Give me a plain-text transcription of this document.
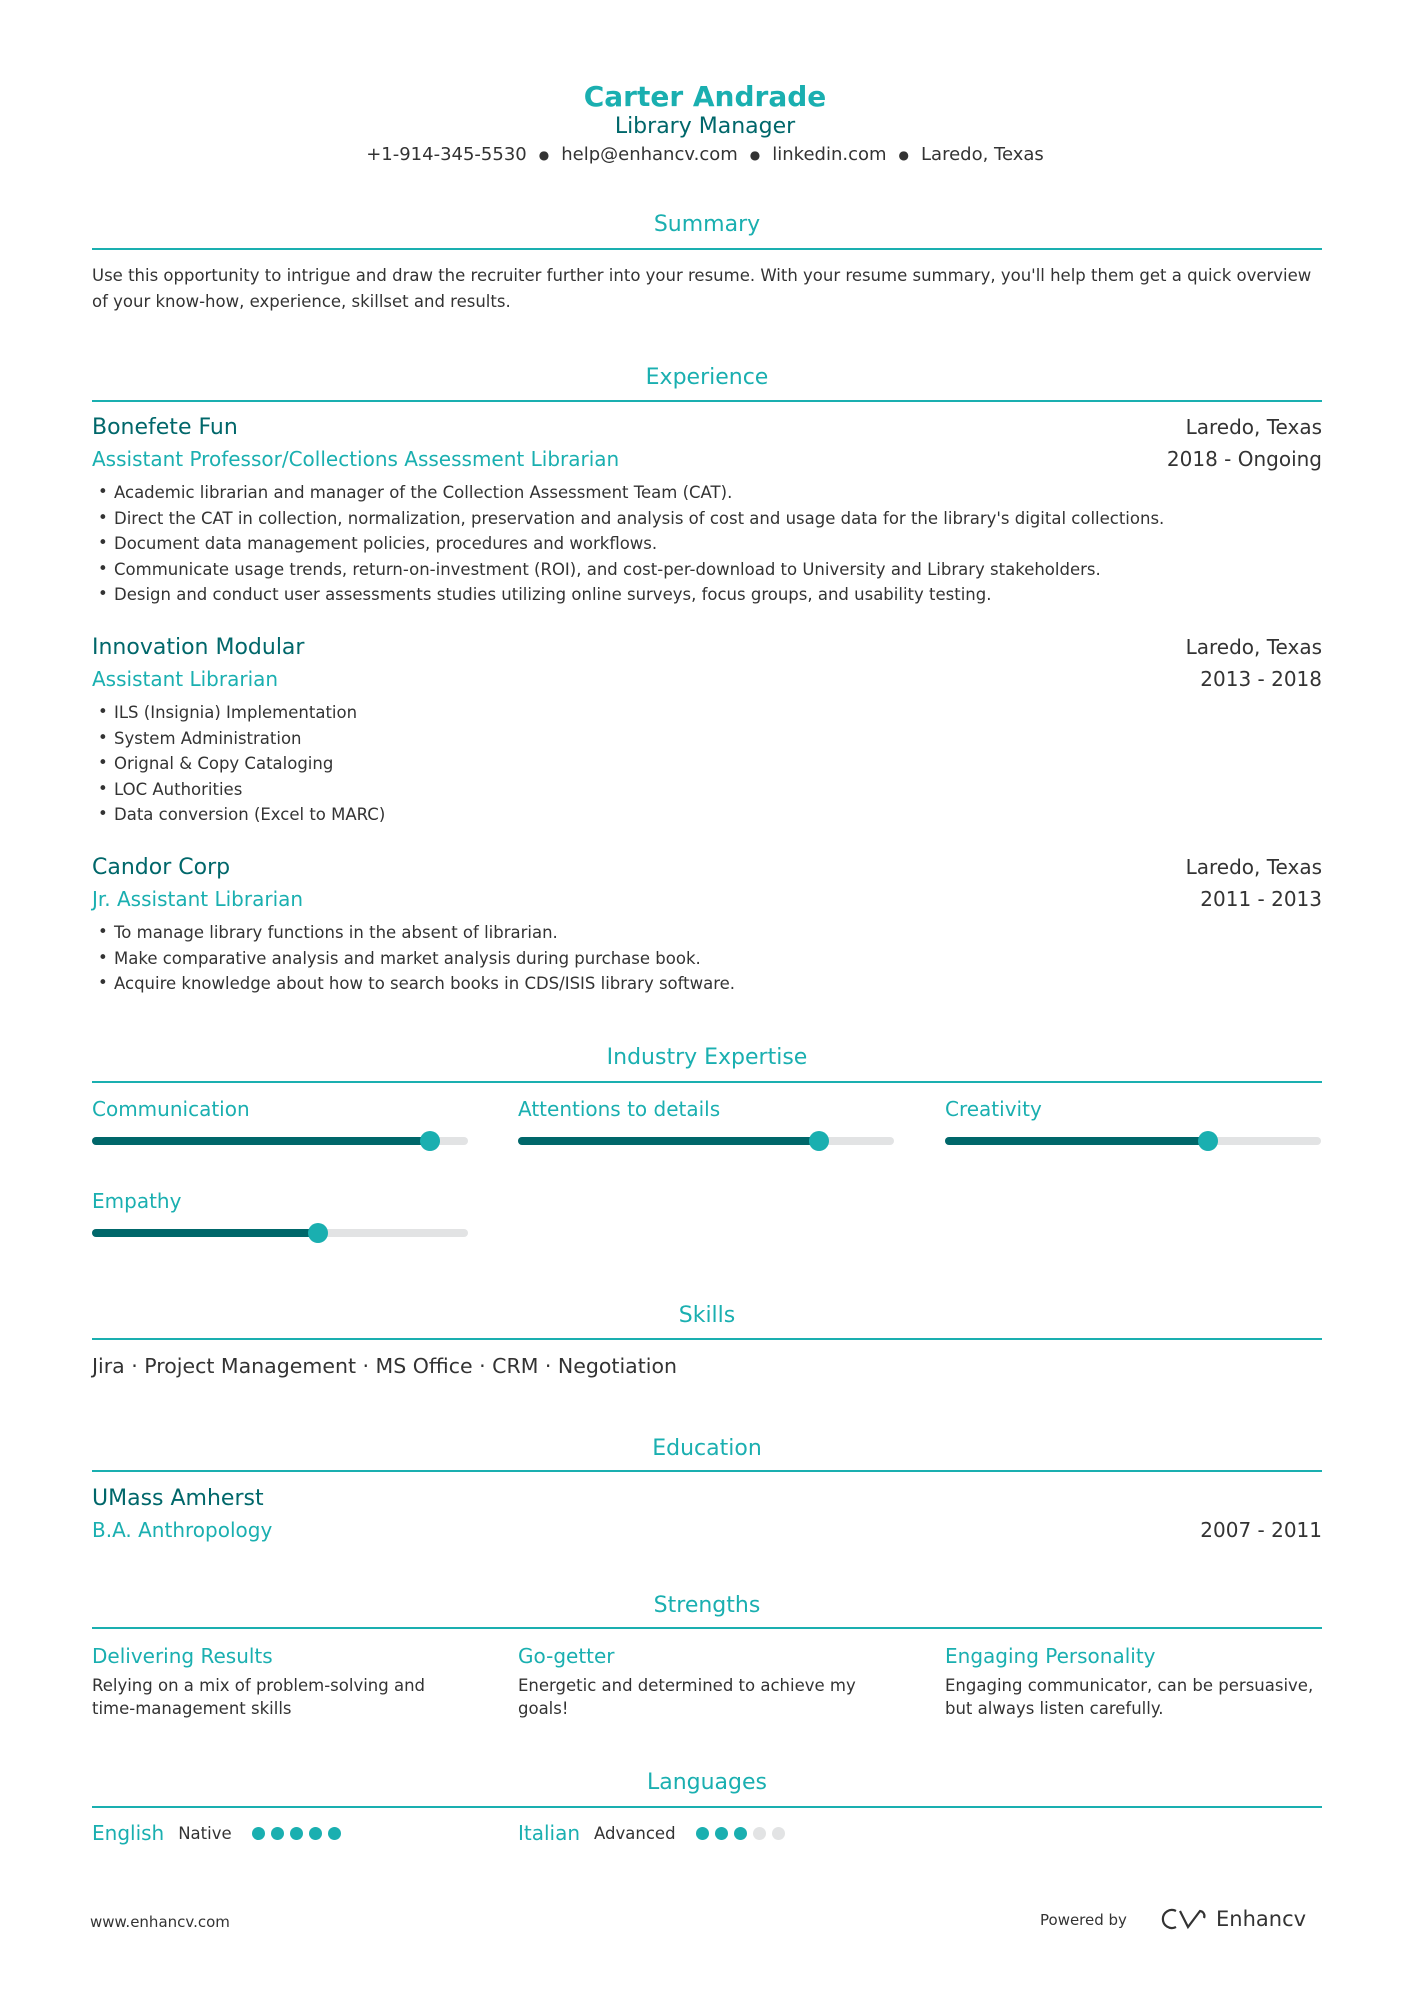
Carter Andrade
Library Manager
+1-914-345-5530 ● help@enhancv.com ● linkedin.com ● Laredo, Texas
Summary
Use this opportunity to intrigue and draw the recruiter further into your resume. With your resume summary, you'll help them get a quick overview of your know-how, experience, skillset and results.
Experience
Bonefete Fun	Laredo, Texas
Assistant Professor/Collections Assessment Librarian	2018 - Ongoing
• Academic librarian and manager of the Collection Assessment Team (CAT).
• Direct the CAT in collection, normalization, preservation and analysis of cost and usage data for the library's digital collections.
• Document data management policies, procedures and workflows.
• Communicate usage trends, return-on-investment (ROI), and cost-per-download to University and Library stakeholders.
• Design and conduct user assessments studies utilizing online surveys, focus groups, and usability testing.
Innovation Modular	Laredo, Texas
Assistant Librarian	2013 - 2018
• ILS (Insignia) Implementation
• System Administration
• Orignal & Copy Cataloging
• LOC Authorities
• Data conversion (Excel to MARC)
Candor Corp	Laredo, Texas
Jr. Assistant Librarian	2011 - 2013
• To manage library functions in the absent of librarian.
• Make comparative analysis and market analysis during purchase book.
• Acquire knowledge about how to search books in CDS/ISIS library software.
Industry Expertise
Communication	Attentions to details	Creativity
Empathy
Skills
Jira · Project Management · MS Office · CRM · Negotiation
Education
UMass Amherst
B.A. Anthropology	2007 - 2011
Strengths
Delivering Results
Relying on a mix of problem-solving and time-management skills
Go-getter
Energetic and determined to achieve my goals!
Engaging Personality
Engaging communicator, can be persuasive, but always listen carefully.
Languages
English Native	Italian Advanced
www.enhancv.com	Powered by	Enhancv
